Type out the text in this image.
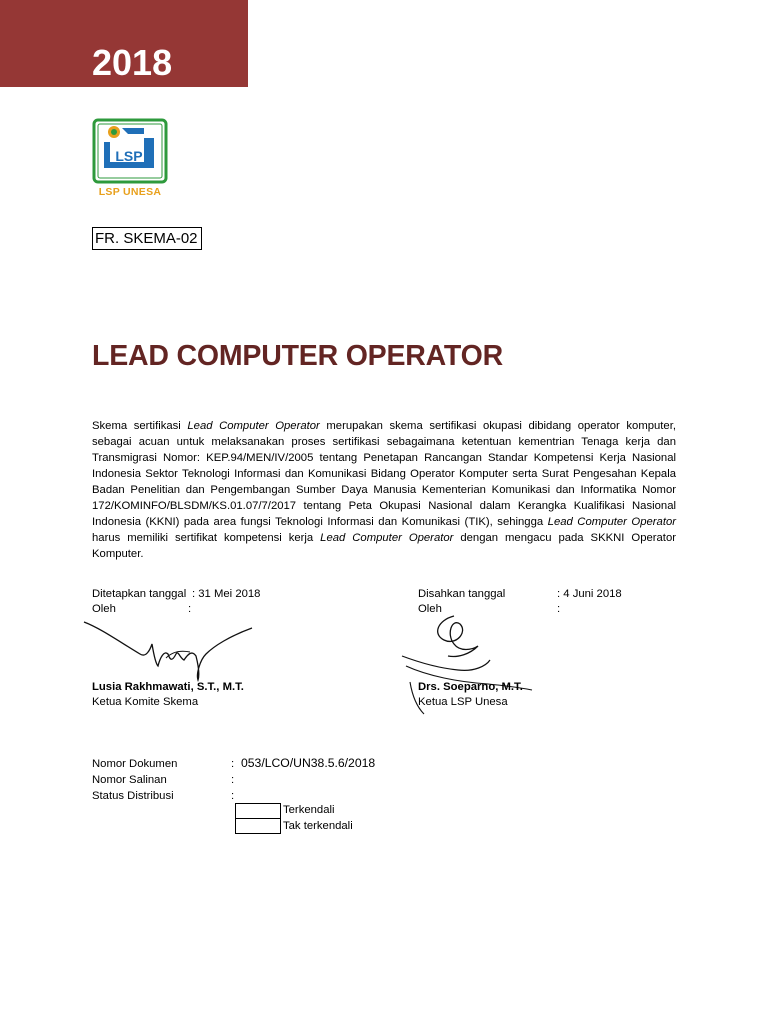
2018
LSP
LSP UNESA
FR. SKEMA-02
LEAD COMPUTER OPERATOR
Skema sertifikasi Lead Computer Operator merupakan skema sertifikasi okupasi dibidang operator komputer, sebagai acuan untuk melaksanakan proses sertifikasi sebagaimana ketentuan kementrian Tenaga kerja dan Transmigrasi Nomor: KEP.94/MEN/IV/2005 tentang Penetapan Rancangan Standar Kompetensi Kerja Nasional Indonesia Sektor Teknologi Informasi dan Komunikasi Bidang Operator Komputer serta Surat Pengesahan Kepala Badan Penelitian dan Pengembangan Sumber Daya Manusia Kementerian Komunikasi dan Informatika Nomor 172/KOMINFO/BLSDM/KS.01.07/7/2017 tentang Peta Okupasi Nasional dalam Kerangka Kualifikasi Nasional Indonesia (KKNI) pada area fungsi Teknologi Informasi dan Komunikasi (TIK), sehingga Lead Computer Operator harus memiliki sertifikat kompetensi kerja Lead Computer Operator dengan mengacu pada SKKNI Operator Komputer.
Ditetapkan tanggal : 31 Mei 2018
Oleh	:
Lusia Rakhmawati, S.T., M.T.
Ketua Komite Skema
Disahkan tanggal	: 4 Juni 2018
Oleh	:
Drs. Soeparno, M.T.
Ketua LSP Unesa
Nomor Dokumen	: 053/LCO/UN38.5.6/2018
Nomor Salinan	:
Status Distribusi	:
Terkendali
Tak terkendali
